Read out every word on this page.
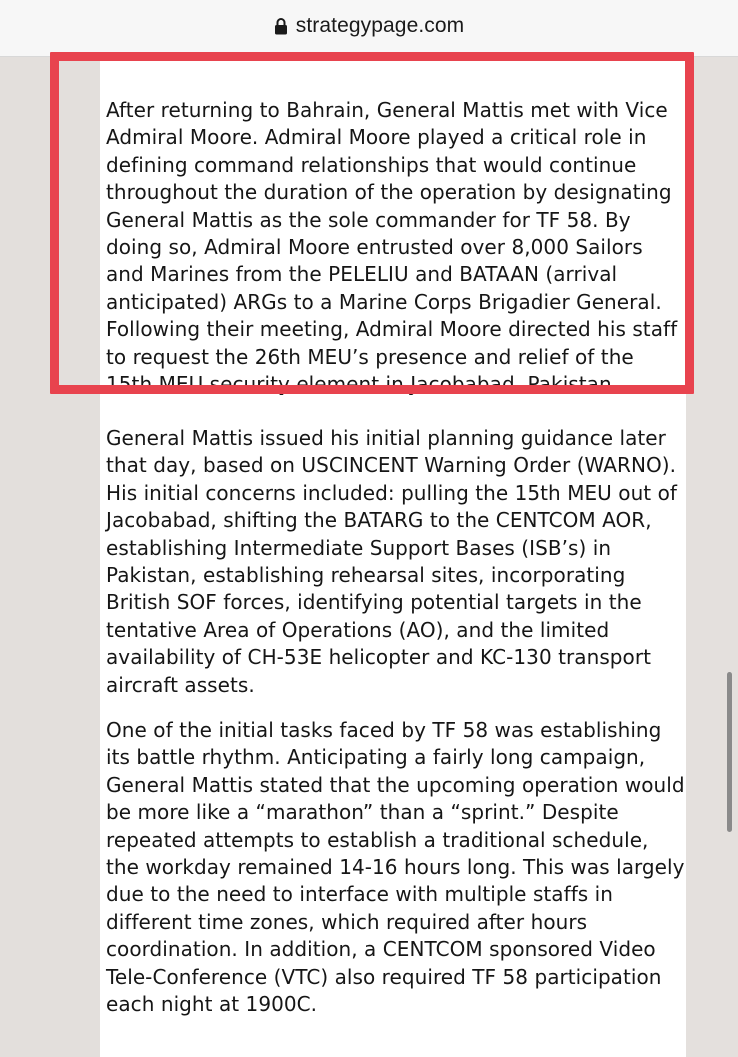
strategypage.com

After returning to Bahrain, General Mattis met with Vice Admiral Moore. Admiral Moore played a critical role in defining command relationships that would continue throughout the duration of the operation by designating General Mattis as the sole commander for TF 58. By doing so, Admiral Moore entrusted over 8,000 Sailors and Marines from the PELELIU and BATAAN (arrival anticipated) ARGs to a Marine Corps Brigadier General. Following their meeting, Admiral Moore directed his staff to request the 26th MEU’s presence and relief of the 15th MEU security element in Jacobabad, Pakistan.

General Mattis issued his initial planning guidance later that day, based on USCINCENT Warning Order (WARNO). His initial concerns included: pulling the 15th MEU out of Jacobabad, shifting the BATARG to the CENTCOM AOR, establishing Intermediate Support Bases (ISB’s) in Pakistan, establishing rehearsal sites, incorporating British SOF forces, identifying potential targets in the tentative Area of Operations (AO), and the limited availability of CH-53E helicopter and KC-130 transport aircraft assets.

One of the initial tasks faced by TF 58 was establishing its battle rhythm. Anticipating a fairly long campaign, General Mattis stated that the upcoming operation would be more like a “marathon” than a “sprint.” Despite repeated attempts to establish a traditional schedule, the workday remained 14-16 hours long. This was largely due to the need to interface with multiple staffs in different time zones, which required after hours coordination. In addition, a CENTCOM sponsored Video Tele-Conference (VTC) also required TF 58 participation each night at 1900C.
